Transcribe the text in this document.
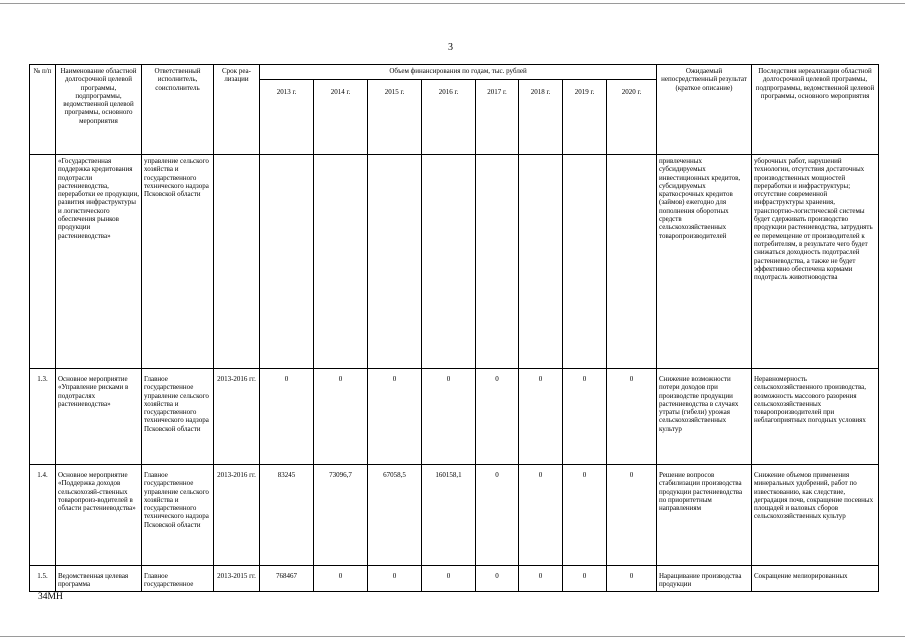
3
№ п/п	Наименование областной долгосрочной целевой программы, подпрограммы, ведомственной целевой программы, основного мероприятия	Ответственный исполнитель, соисполнитель	Срок реа-лизации	Объем финансирования по годам, тыс. рублей								Ожидаемый непосредственный результат (краткое описание)	Последствия нереализации областной долгосрочной целевой программы, подпрограммы, ведомственной целевой программы, основного мероприятия
				2013 г.	2014 г.	2015 г.	2016 г.	2017 г.	2018 г.	2019 г.	2020 г.		
	«Государственная поддержка кредитования подотрасли растениеводства, переработки ее продукции, развития инфраструктуры и логистического обеспечения рынков продукции растениеводства»	управление сельского хозяйства и государственного технического надзора Псковской области										привлеченных субсидируемых инвестиционных кредитов, субсидируемых краткосрочных кредитов (займов) ежегодно для пополнения оборотных средств сельскохозяйственных товаропроизводителей	уборочных работ, нарушений технологии, отсутствия достаточных производственных мощностей переработки и инфраструктуры; отсутствие современной инфраструктуры хранения, транспортно-логистической системы будет сдерживать производство продукции растениеводства, затруднять ее перемещение от производителей к потребителям, в результате чего будет снижаться доходность подотраслей растениеводства, а также не будет эффективно обеспечена кормами подотрасль животноводства
1.3.	Основное мероприятие «Управление рисками в подотраслях растениеводства»	Главное государственное управление сельского хозяйства и государственного технического надзора Псковской области	2013-2016 гг.	0	0	0	0	0	0	0	0	Снижение возможности потери доходов при производстве продукции растениеводства в случаях утраты (гибели) урожая сельскохозяйственных культур	Неравномерность сельскохозяйственного производства, возможность массового разорения сельскохозяйственных товаропроизводителей при неблагоприятных погодных условиях
1.4.	Основное мероприятие «Поддержка доходов сельскохозяй-ственных товаропроиз-водителей в области растениеводства»	Главное государственное управление сельского хозяйства и государственного технического надзора Псковской области	2013-2016 гг.	83245	73096,7	67058,5	160158,1	0	0	0	0	Решение вопросов стабилизации производства продукции растениеводства по приоритетным направлениям	Снижение объемов применения минеральных удобрений, работ по известкованию, как следствие, деградация почв, сокращение посевных площадей и валовых сборов сельскохозяйственных культур
1.5.	Ведомственная целевая программа	Главное государственное	2013-2015 гг.	768467	0	0	0	0	0	0	0	Наращивание производства продукции	Сокращение мелиорированных
34МН
